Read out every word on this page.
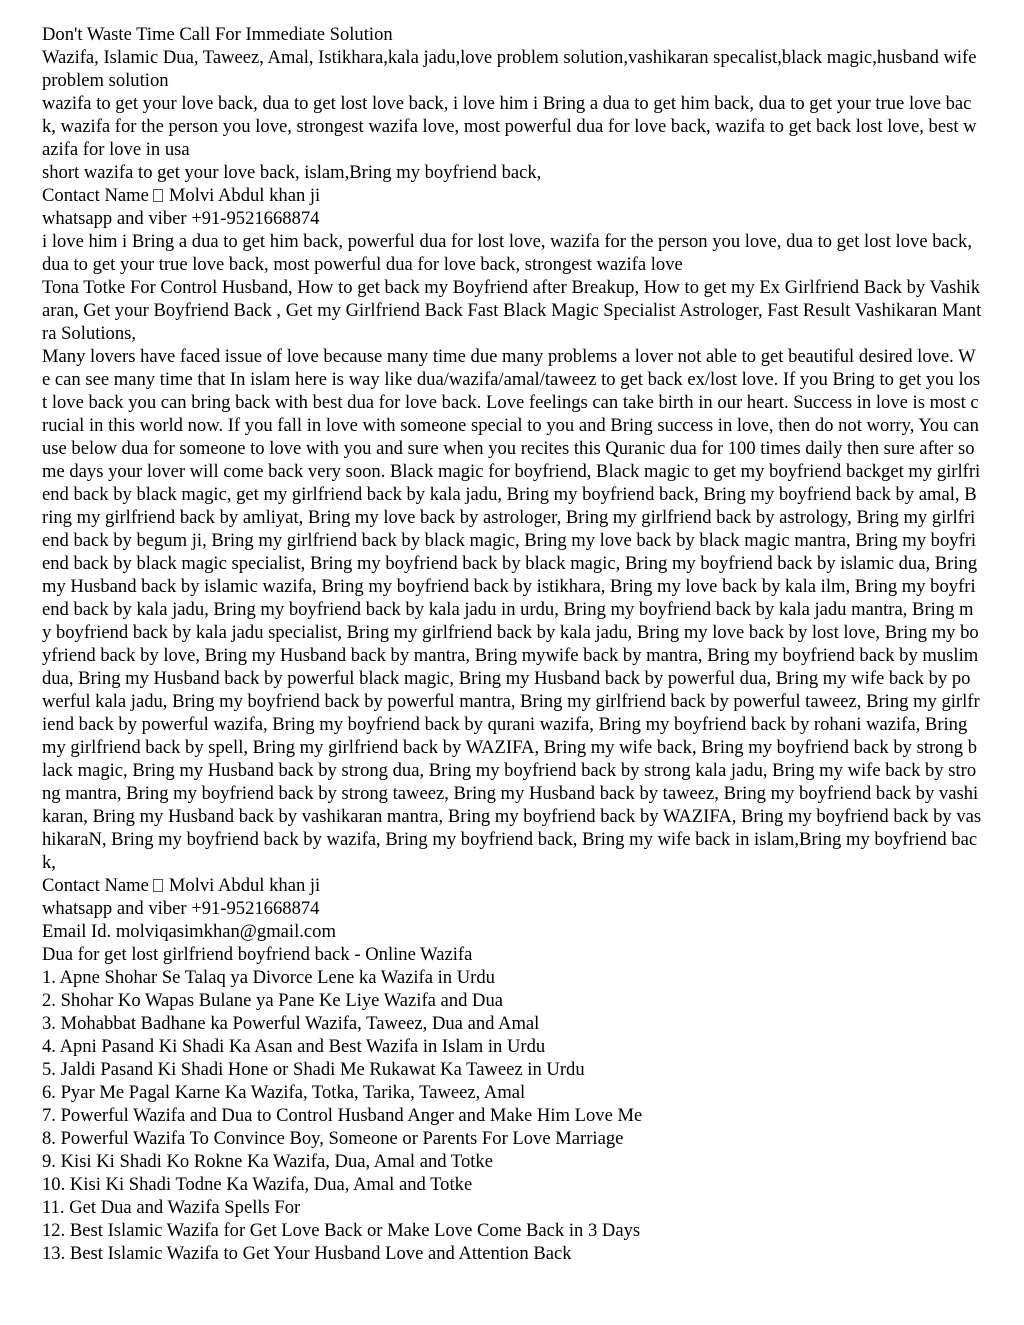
Don't Waste Time Call For Immediate Solution
Wazifa, Islamic Dua, Taweez, Amal, Istikhara,kala jadu,love problem solution,vashikaran specalist,black magic,husband wife problem solution
wazifa to get your love back, dua to get lost love back, i love him i Bring a dua to get him back, dua to get your true love back, wazifa for the person you love, strongest wazifa love, most powerful dua for love back, wazifa to get back lost love, best wazifa for love in usa
short wazifa to get your love back, islam,Bring my boyfriend back,
Contact Name Molvi Abdul khan ji
whatsapp and viber +91-9521668874
i love him i Bring a dua to get him back, powerful dua for lost love, wazifa for the person you love, dua to get lost love back, dua to get your true love back, most powerful dua for love back, strongest wazifa love
Tona Totke For Control Husband, How to get back my Boyfriend after Breakup, How to get my Ex Girlfriend Back by Vashikaran, Get your Boyfriend Back , Get my Girlfriend Back Fast Black Magic Specialist Astrologer, Fast Result Vashikaran Mantra Solutions,
Many lovers have faced issue of love because many time due many problems a lover not able to get beautiful desired love. We can see many time that In islam here is way like dua/wazifa/amal/taweez to get back ex/lost love. If you Bring to get you lost love back you can bring back with best dua for love back. Love feelings can take birth in our heart. Success in love is most crucial in this world now. If you fall in love with someone special to you and Bring success in love, then do not worry, You canuse below dua for someone to love with you and sure when you recites this Quranic dua for 100 times daily then sure after some days your lover will come back very soon. Black magic for boyfriend, Black magic to get my boyfriend backget my girlfriend back by black magic, get my girlfriend back by kala jadu, Bring my boyfriend back, Bring my boyfriend back by amal, Bring my girlfriend back by amliyat, Bring my love back by astrologer, Bring my girlfriend back by astrology, Bring my girlfriend back by begum ji, Bring my girlfriend back by black magic, Bring my love back by black magic mantra, Bring my boyfriend back by black magic specialist, Bring my boyfriend back by black magic, Bring my boyfriend back by islamic dua, Bring my Husband back by islamic wazifa, Bring my boyfriend back by istikhara, Bring my love back by kala ilm, Bring my boyfriend back by kala jadu, Bring my boyfriend back by kala jadu in urdu, Bring my boyfriend back by kala jadu mantra, Bring my boyfriend back by kala jadu specialist, Bring my girlfriend back by kala jadu, Bring my love back by lost love, Bring my boyfriend back by love, Bring my Husband back by mantra, Bring mywife back by mantra, Bring my boyfriend back by muslim dua, Bring my Husband back by powerful black magic, Bring my Husband back by powerful dua, Bring my wife back by powerful kala jadu, Bring my boyfriend back by powerful mantra, Bring my girlfriend back by powerful taweez, Bring my girlfriend back by powerful wazifa, Bring my boyfriend back by qurani wazifa, Bring my boyfriend back by rohani wazifa, Bring my girlfriend back by spell, Bring my girlfriend back by WAZIFA, Bring my wife back, Bring my boyfriend back by strong black magic, Bring my Husband back by strong dua, Bring my boyfriend back by strong kala jadu, Bring my wife back by strong mantra, Bring my boyfriend back by strong taweez, Bring my Husband back by taweez, Bring my boyfriend back by vashikaran, Bring my Husband back by vashikaran mantra, Bring my boyfriend back by WAZIFA, Bring my boyfriend back by vashikaraN, Bring my boyfriend back by wazifa, Bring my boyfriend back, Bring my wife back in islam,Bring my boyfriend back,
Contact Name Molvi Abdul khan ji
whatsapp and viber +91-9521668874
Email Id. molviqasimkhan@gmail.com
Dua for get lost girlfriend boyfriend back - Online Wazifa
1. Apne Shohar Se Talaq ya Divorce Lene ka Wazifa in Urdu
2. Shohar Ko Wapas Bulane ya Pane Ke Liye Wazifa and Dua
3. Mohabbat Badhane ka Powerful Wazifa, Taweez, Dua and Amal
4. Apni Pasand Ki Shadi Ka Asan and Best Wazifa in Islam in Urdu
5. Jaldi Pasand Ki Shadi Hone or Shadi Me Rukawat Ka Taweez in Urdu
6. Pyar Me Pagal Karne Ka Wazifa, Totka, Tarika, Taweez, Amal
7. Powerful Wazifa and Dua to Control Husband Anger and Make Him Love Me
8. Powerful Wazifa To Convince Boy, Someone or Parents For Love Marriage
9. Kisi Ki Shadi Ko Rokne Ka Wazifa, Dua, Amal and Totke
10. Kisi Ki Shadi Todne Ka Wazifa, Dua, Amal and Totke
11. Get Dua and Wazifa Spells For
12. Best Islamic Wazifa for Get Love Back or Make Love Come Back in 3 Days
13. Best Islamic Wazifa to Get Your Husband Love and Attention Back
